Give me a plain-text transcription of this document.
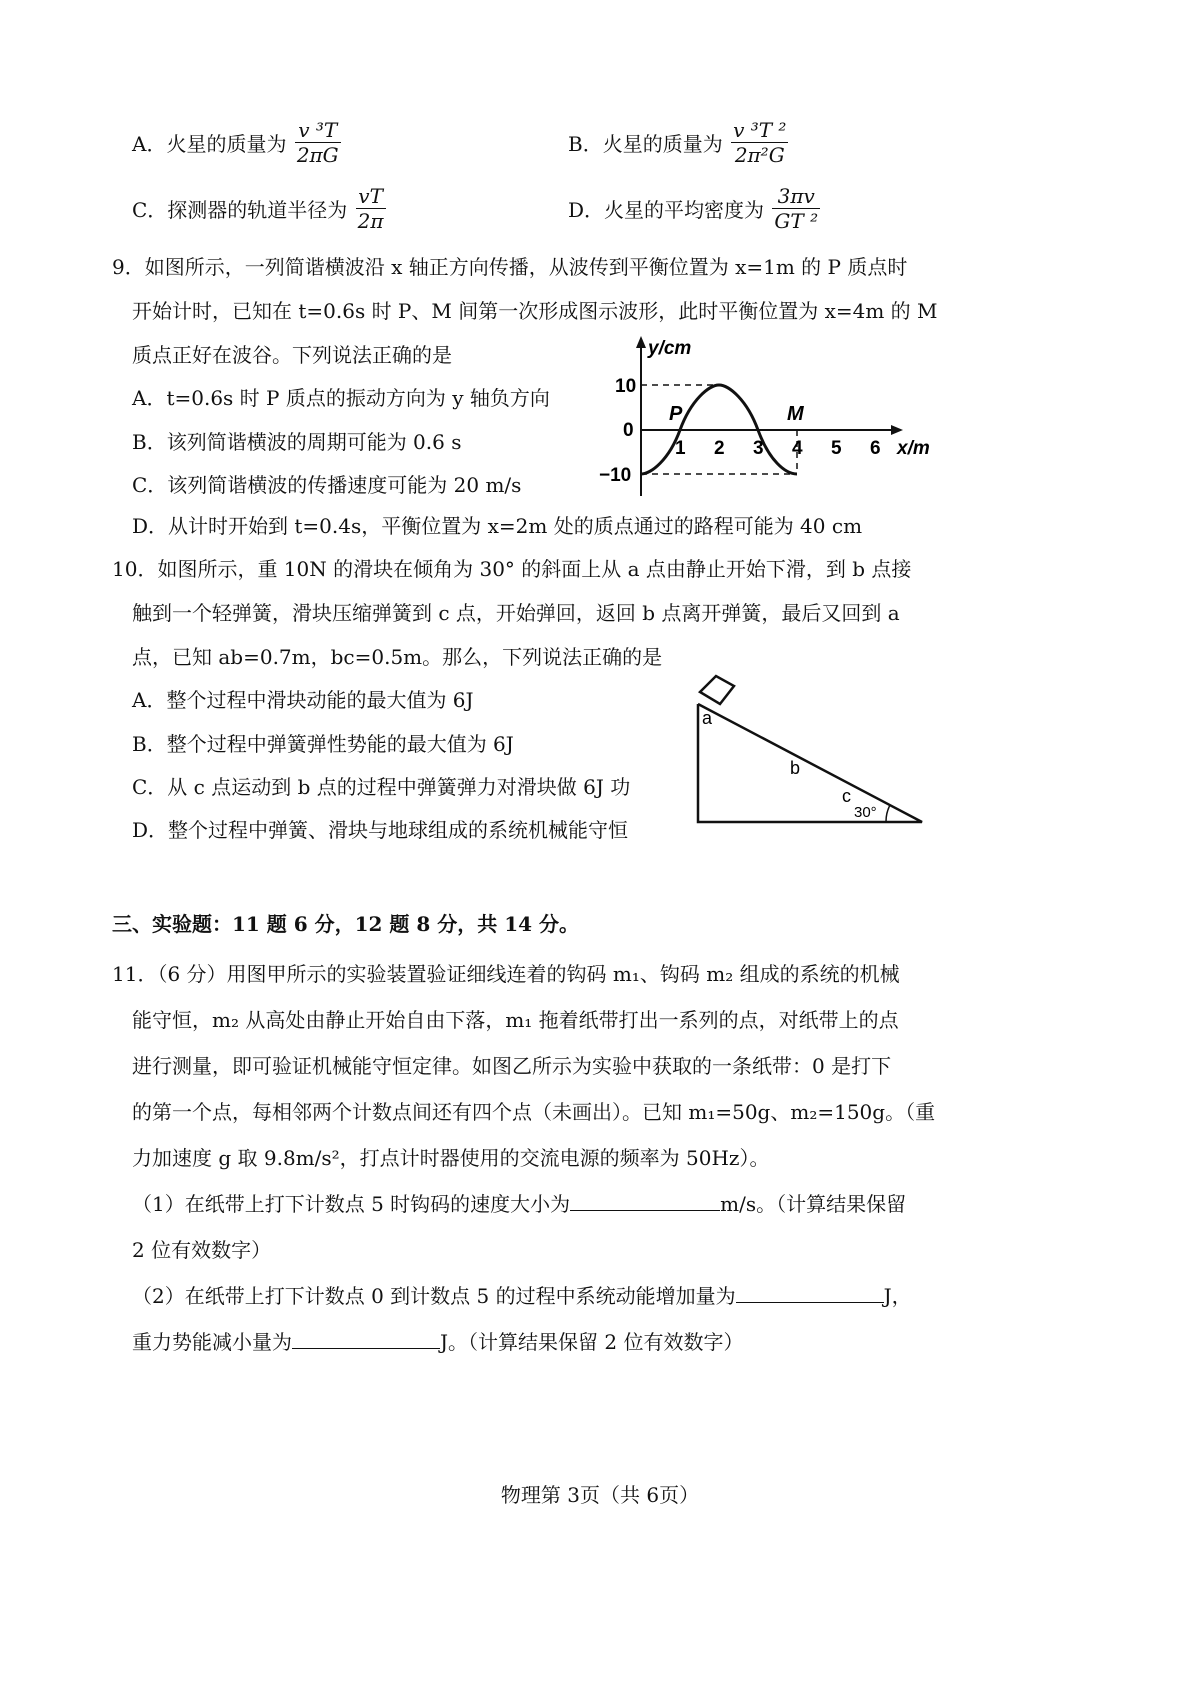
A．火星的质量为 $\frac{\text{v ³T}}{2\pi G}$	B．火星的质量为 $\frac{\text{v ³T ²}}{\text{2π²G}}$
C．探测器的轨道半径为 $\frac{vT}{2\pi}$	D．火星的平均密度为 $\frac{3\pi v}{\text{GT ²}}$
9．如图所示，一列简谐横波沿 x 轴正方向传播，从波传到平衡位置为 x=1m 的 P 质点时
开始计时，已知在 t=0.6s 时 P、M 间第一次形成图示波形，此时平衡位置为 x=4m 的 M
质点正好在波谷。下列说法正确的是
A．t=0.6s 时 P 质点的振动方向为 y 轴负方向
B．该列简谐横波的周期可能为 0.6 s
C．该列简谐横波的传播速度可能为 20 m/s
D．从计时开始到 t=0.4s，平衡位置为 x=2m 处的质点通过的路程可能为 40 cm
y/cm
10
0
−10
P	M
1 2 3 4 5 6 x/m
10．如图所示，重 10N 的滑块在倾角为 30° 的斜面上从 a 点由静止开始下滑，到 b 点接
触到一个轻弹簧，滑块压缩弹簧到 c 点，开始弹回，返回 b 点离开弹簧，最后又回到 a
点，已知 ab=0.7m，bc=0.5m。那么，下列说法正确的是
A．整个过程中滑块动能的最大值为 6J
B．整个过程中弹簧弹性势能的最大值为 6J
C．从 c 点运动到 b 点的过程中弹簧弹力对滑块做 6J 功
D．整个过程中弹簧、滑块与地球组成的系统机械能守恒
a
b
c
30°
三、实验题：11 题 6 分，12 题 8 分，共 14 分。
11．（6 分）用图甲所示的实验装置验证细线连着的钩码 m₁、钩码 m₂ 组成的系统的机械
能守恒，m₂ 从高处由静止开始自由下落，m₁ 拖着纸带打出一系列的点，对纸带上的点
进行测量，即可验证机械能守恒定律。如图乙所示为实验中获取的一条纸带：0 是打下
的第一个点，每相邻两个计数点间还有四个点（未画出）。已知 m₁=50g、m₂=150g。（重
力加速度 g 取 9.8m/s²，打点计时器使用的交流电源的频率为 50Hz）。
（1）在纸带上打下计数点 5 时钩码的速度大小为	m/s。（计算结果保留
2 位有效数字）
（2）在纸带上打下计数点 0 到计数点 5 的过程中系统动能增加量为	J，
重力势能减小量为	J。（计算结果保留 2 位有效数字）
物理第 3页（共 6页）
